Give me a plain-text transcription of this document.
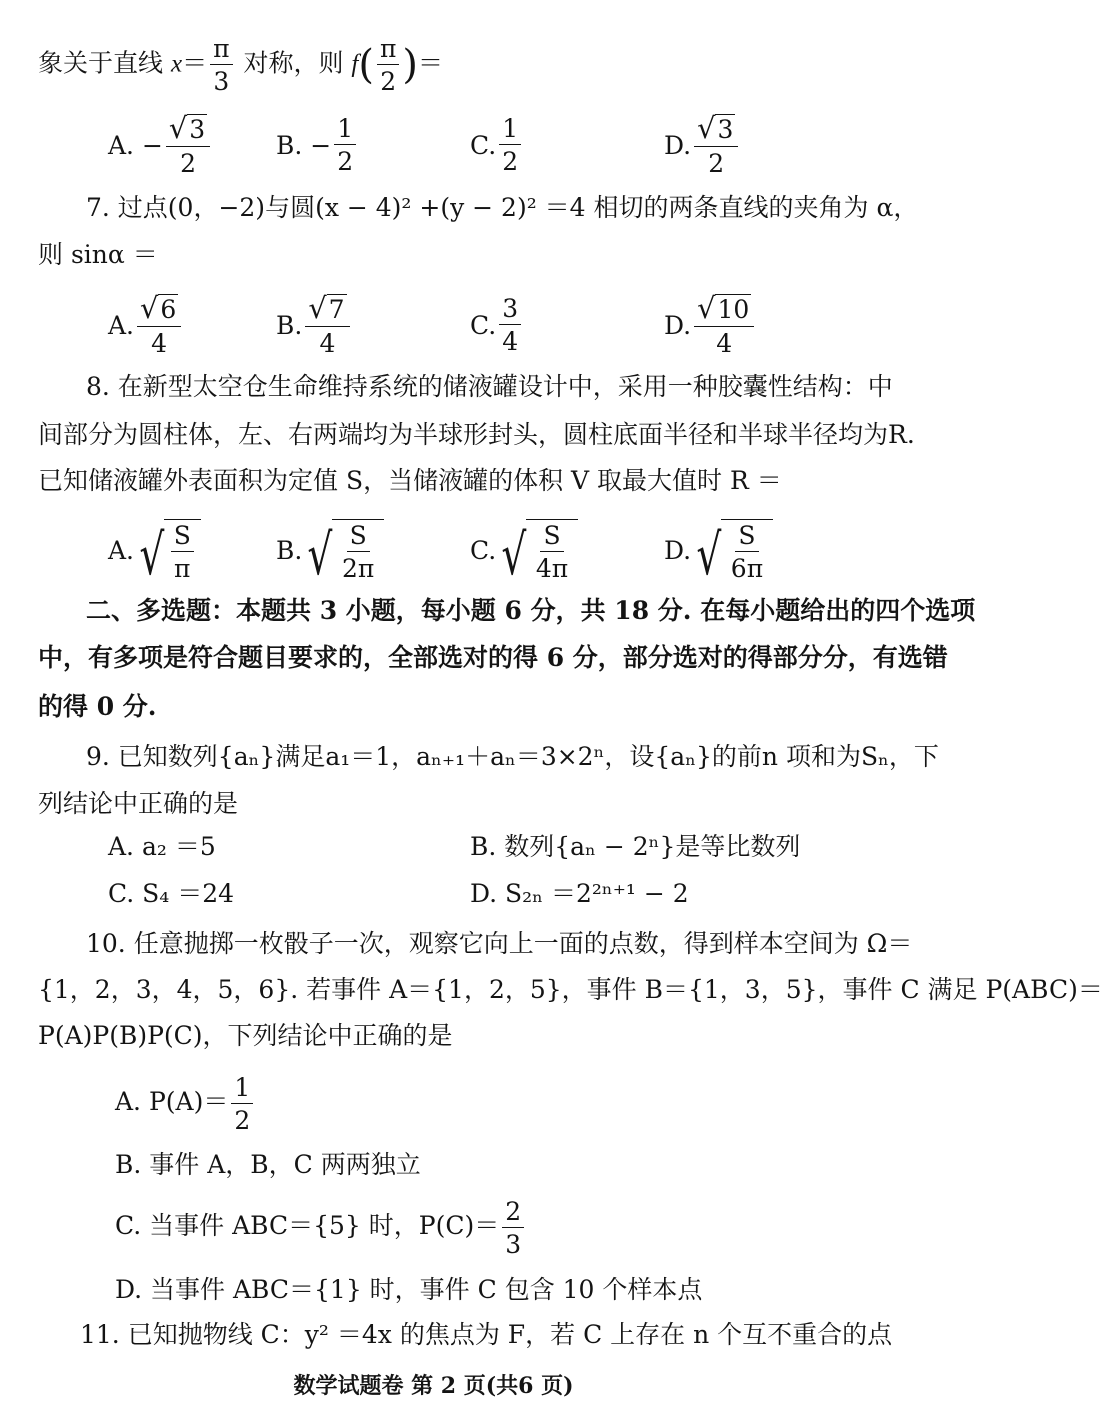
象关于直线 $x= \frac{\pi}{3}$ 对称，则 $f( \frac{\pi}{2}$ )＝
A. − $\frac{√ 3}{2}$	B. − $\frac{1}{2}$	C. $\frac{1}{2}$	D. $\frac{√ 3}{2}$
7. 过点(0，−2)与圆(x − 4)² +(y − 2)² ＝4 相切的两条直线的夹角为 α，
则 sinα ＝
A. $\frac{√ 6}{4}$	B. $\frac{√ 7}{4}$	C. $\frac{3}{4}$	D. $\frac{√ 10}{4}$
8. 在新型太空仓生命维持系统的储液罐设计中，采用一种胶囊性结构：中
间部分为圆柱体，左、右两端均为半球形封头，圆柱底面半径和半球半径均为R.
已知储液罐外表面积为定值 S，当储液罐的体积 V 取最大值时 R ＝
A. √ $\frac{S}{\pi}$	B. √ $\frac{S}{2\pi}$	C. √ $\frac{S}{4\pi}$	D. √ $\frac{S}{6\pi}$
二、多选题：本题共 3 小题，每小题 6 分，共 18 分. 在每小题给出的四个选项
中，有多项是符合题目要求的，全部选对的得 6 分，部分选对的得部分分，有选错
的得 0 分.
9. 已知数列{aₙ}满足a₁＝1，aₙ₊₁＋aₙ＝3×2ⁿ，设{aₙ}的前n 项和为Sₙ，下
列结论中正确的是
A. a₂ ＝5	B. 数列{aₙ − 2ⁿ}是等比数列
C. S₄ ＝24	D. S₂ₙ ＝2²ⁿ⁺¹ − 2
10. 任意抛掷一枚骰子一次，观察它向上一面的点数，得到样本空间为 Ω＝
{1，2，3，4，5，6}. 若事件 A＝{1，2，5}，事件 B＝{1，3，5}，事件 C 满足 P(ABC)＝
P(A)P(B)P(C)，下列结论中正确的是
A. $P(A)= \frac{1}{2}$
B. 事件 A，B，C 两两独立
C. 当事件 ABC＝{5} 时，$P(C)= \frac{2}{3}$
D. 当事件 ABC＝{1} 时，事件 C 包含 10 个样本点
11. 已知抛物线 C：y² ＝4x 的焦点为 F，若 C 上存在 n 个互不重合的点
数学试题卷 第 2 页(共6 页)
